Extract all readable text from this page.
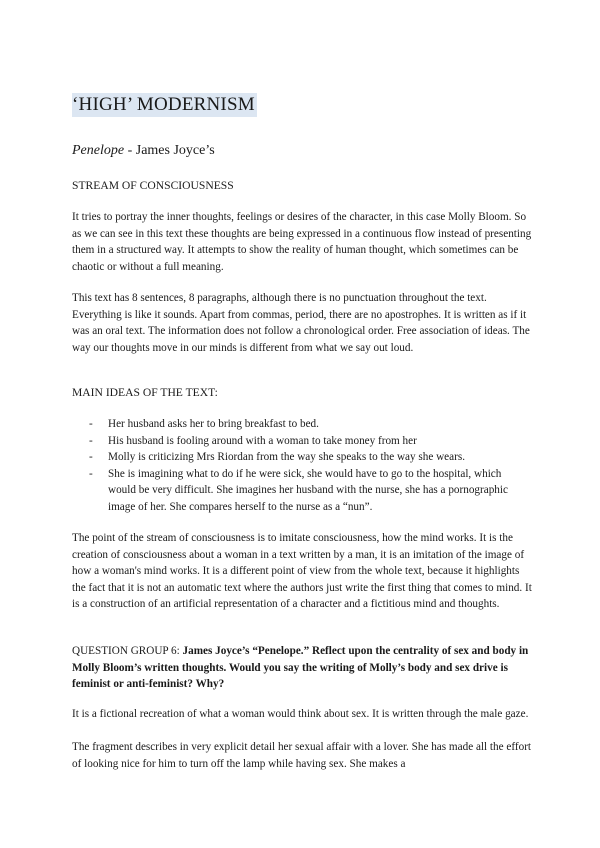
‘HIGH’ MODERNISM
Penelope - James Joyce’s

STREAM OF CONSCIOUSNESS

It tries to portray the inner thoughts, feelings or desires of the character, in this case Molly Bloom. So as we can see in this text these thoughts are being expressed in a continuous flow instead of presenting them in a structured way. It attempts to show the reality of human thought, which sometimes can be chaotic or without a full meaning.

This text has 8 sentences, 8 paragraphs, although there is no punctuation throughout the text. Everything is like it sounds. Apart from commas, period, there are no apostrophes. It is written as if it was an oral text. The information does not follow a chronological order. Free association of ideas. The way our thoughts move in our minds is different from what we say out loud.

MAIN IDEAS OF THE TEXT:

- Her husband asks her to bring breakfast to bed.
- His husband is fooling around with a woman to take money from her
- Molly is criticizing Mrs Riordan from the way she speaks to the way she wears.
- She is imagining what to do if he were sick, she would have to go to the hospital, which would be very difficult. She imagines her husband with the nurse, she has a pornographic image of her. She compares herself to the nurse as a “nun”.

The point of the stream of consciousness is to imitate consciousness, how the mind works. It is the creation of consciousness about a woman in a text written by a man, it is an imitation of the image of how a woman's mind works. It is a different point of view from the whole text, because it highlights the fact that it is not an automatic text where the authors just write the first thing that comes to mind. It is a construction of an artificial representation of a character and a fictitious mind and thoughts.

QUESTION GROUP 6: James Joyce’s “Penelope.” Reflect upon the centrality of sex and body in Molly Bloom’s written thoughts. Would you say the writing of Molly’s body and sex drive is feminist or anti-feminist? Why?

It is a fictional recreation of what a woman would think about sex. It is written through the male gaze.

The fragment describes in very explicit detail her sexual affair with a lover. She has made all the effort of looking nice for him to turn off the lamp while having sex. She makes a
